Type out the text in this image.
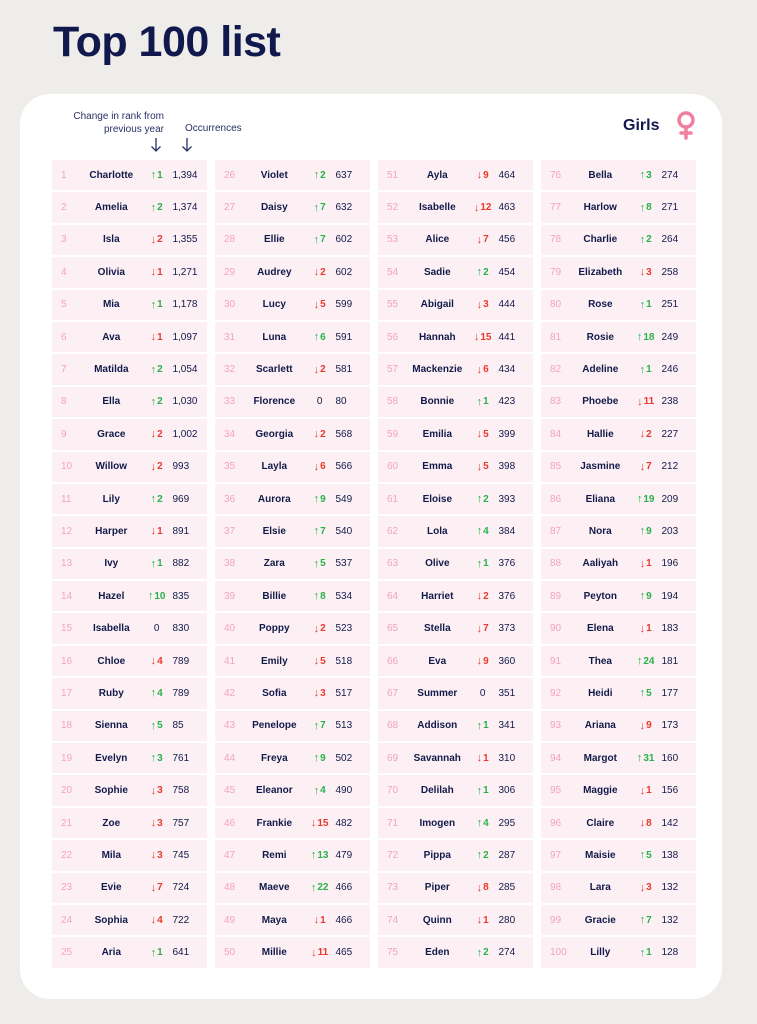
Top 100 list
Change in rank from previous year Occurrences	Girls
1	Charlotte	↑ 1 1,394
2	Amelia	↑ 2 1,374
3	Isla	↓ 2 1,355
4	Olivia	↓ 1 1,271
5	Mia	↑ 1 1,178
6	Ava	↓ 1 1,097
7	Matilda	↑ 2 1,054
8	Ella	↑ 2 1,030
9	Grace	↓ 2 1,002
10	Willow	↓ 2 993
11	Lily	↑ 2 969
12	Harper	↓ 1 891
13	Ivy	↑ 1 882
14	Hazel	↑ 10 835
15	Isabella	0 830
16	Chloe	↓ 4 789
17	Ruby	↑ 4 789
18	Sienna	↑ 5 85
19	Evelyn	↑ 3 761
20	Sophie	↓ 3 758
21	Zoe	↓ 3 757
22	Mila	↓ 3 745
23	Evie	↓ 7 724
24	Sophia	↓ 4 722
25	Aria	↑ 1 641
26	Violet	↑ 2 637
27	Daisy	↑ 7 632
28	Ellie	↑ 7 602
29	Audrey	↓ 2 602
30	Lucy	↓ 5 599
31	Luna	↑ 6 591
32	Scarlett	↓ 2 581
33	Florence	0 80
34	Georgia	↓ 2 568
35	Layla	↓ 6 566
36	Aurora	↑ 9 549
37	Elsie	↑ 7 540
38	Zara	↑ 5 537
39	Billie	↑ 8 534
40	Poppy	↓ 2 523
41	Emily	↓ 5 518
42	Sofia	↓ 3 517
43	Penelope	↑ 7 513
44	Freya	↑ 9 502
45	Eleanor	↑ 4 490
46	Frankie	↓ 15 482
47	Remi	↑ 13 479
48	Maeve	↑ 22 466
49	Maya	↓ 1 466
50	Millie	↓ 11 465
51	Ayla	↓ 9 464
52	Isabelle	↓ 12 463
53	Alice	↓ 7 456
54	Sadie	↑ 2 454
55	Abigail	↓ 3 444
56	Hannah	↓ 15 441
57	Mackenzie	↓ 6 434
58	Bonnie	↑ 1 423
59	Emilia	↓ 5 399
60	Emma	↓ 5 398
61	Eloise	↑ 2 393
62	Lola	↑ 4 384
63	Olive	↑ 1 376
64	Harriet	↓ 2 376
65	Stella	↓ 7 373
66	Eva	↓ 9 360
67	Summer	0 351
68	Addison	↑ 1 341
69	Savannah	↓ 1 310
70	Delilah	↑ 1 306
71	Imogen	↑ 4 295
72	Pippa	↑ 2 287
73	Piper	↓ 8 285
74	Quinn	↓ 1 280
75	Eden	↑ 2 274
76	Bella	↑ 3 274
77	Harlow	↑ 8 271
78	Charlie	↑ 2 264
79	Elizabeth	↓ 3 258
80	Rose	↑ 1 251
81	Rosie	↑ 18 249
82	Adeline	↑ 1 246
83	Phoebe	↓ 11 238
84	Hallie	↓ 2 227
85	Jasmine	↓ 7 212
86	Eliana	↑ 19 209
87	Nora	↑ 9 203
88	Aaliyah	↓ 1 196
89	Peyton	↑ 9 194
90	Elena	↓ 1 183
91	Thea	↑ 24 181
92	Heidi	↑ 5 177
93	Ariana	↓ 9 173
94	Margot	↑ 31 160
95	Maggie	↓ 1 156
96	Claire	↓ 8 142
97	Maisie	↑ 5 138
98	Lara	↓ 3 132
99	Gracie	↑ 7 132
100	Lilly	↑ 1 128
